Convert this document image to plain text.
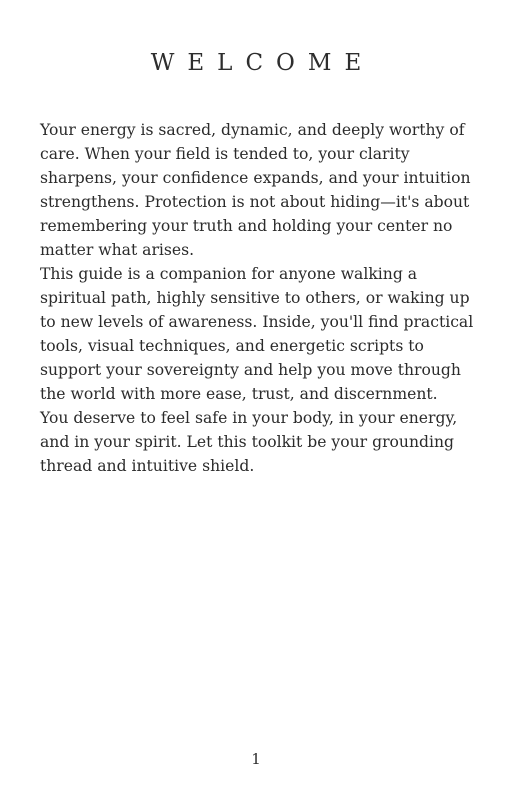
WELCOME

Your energy is sacred, dynamic, and deeply worthy of care. When your field is tended to, your clarity sharpens, your confidence expands, and your intuition strengthens. Protection is not about hiding—it's about remembering your truth and holding your center no matter what arises.

This guide is a companion for anyone walking a spiritual path, highly sensitive to others, or waking up to new levels of awareness. Inside, you'll find practical tools, visual techniques, and energetic scripts to support your sovereignty and help you move through the world with more ease, trust, and discernment.

You deserve to feel safe in your body, in your energy, and in your spirit. Let this toolkit be your grounding thread and intuitive shield.

1
